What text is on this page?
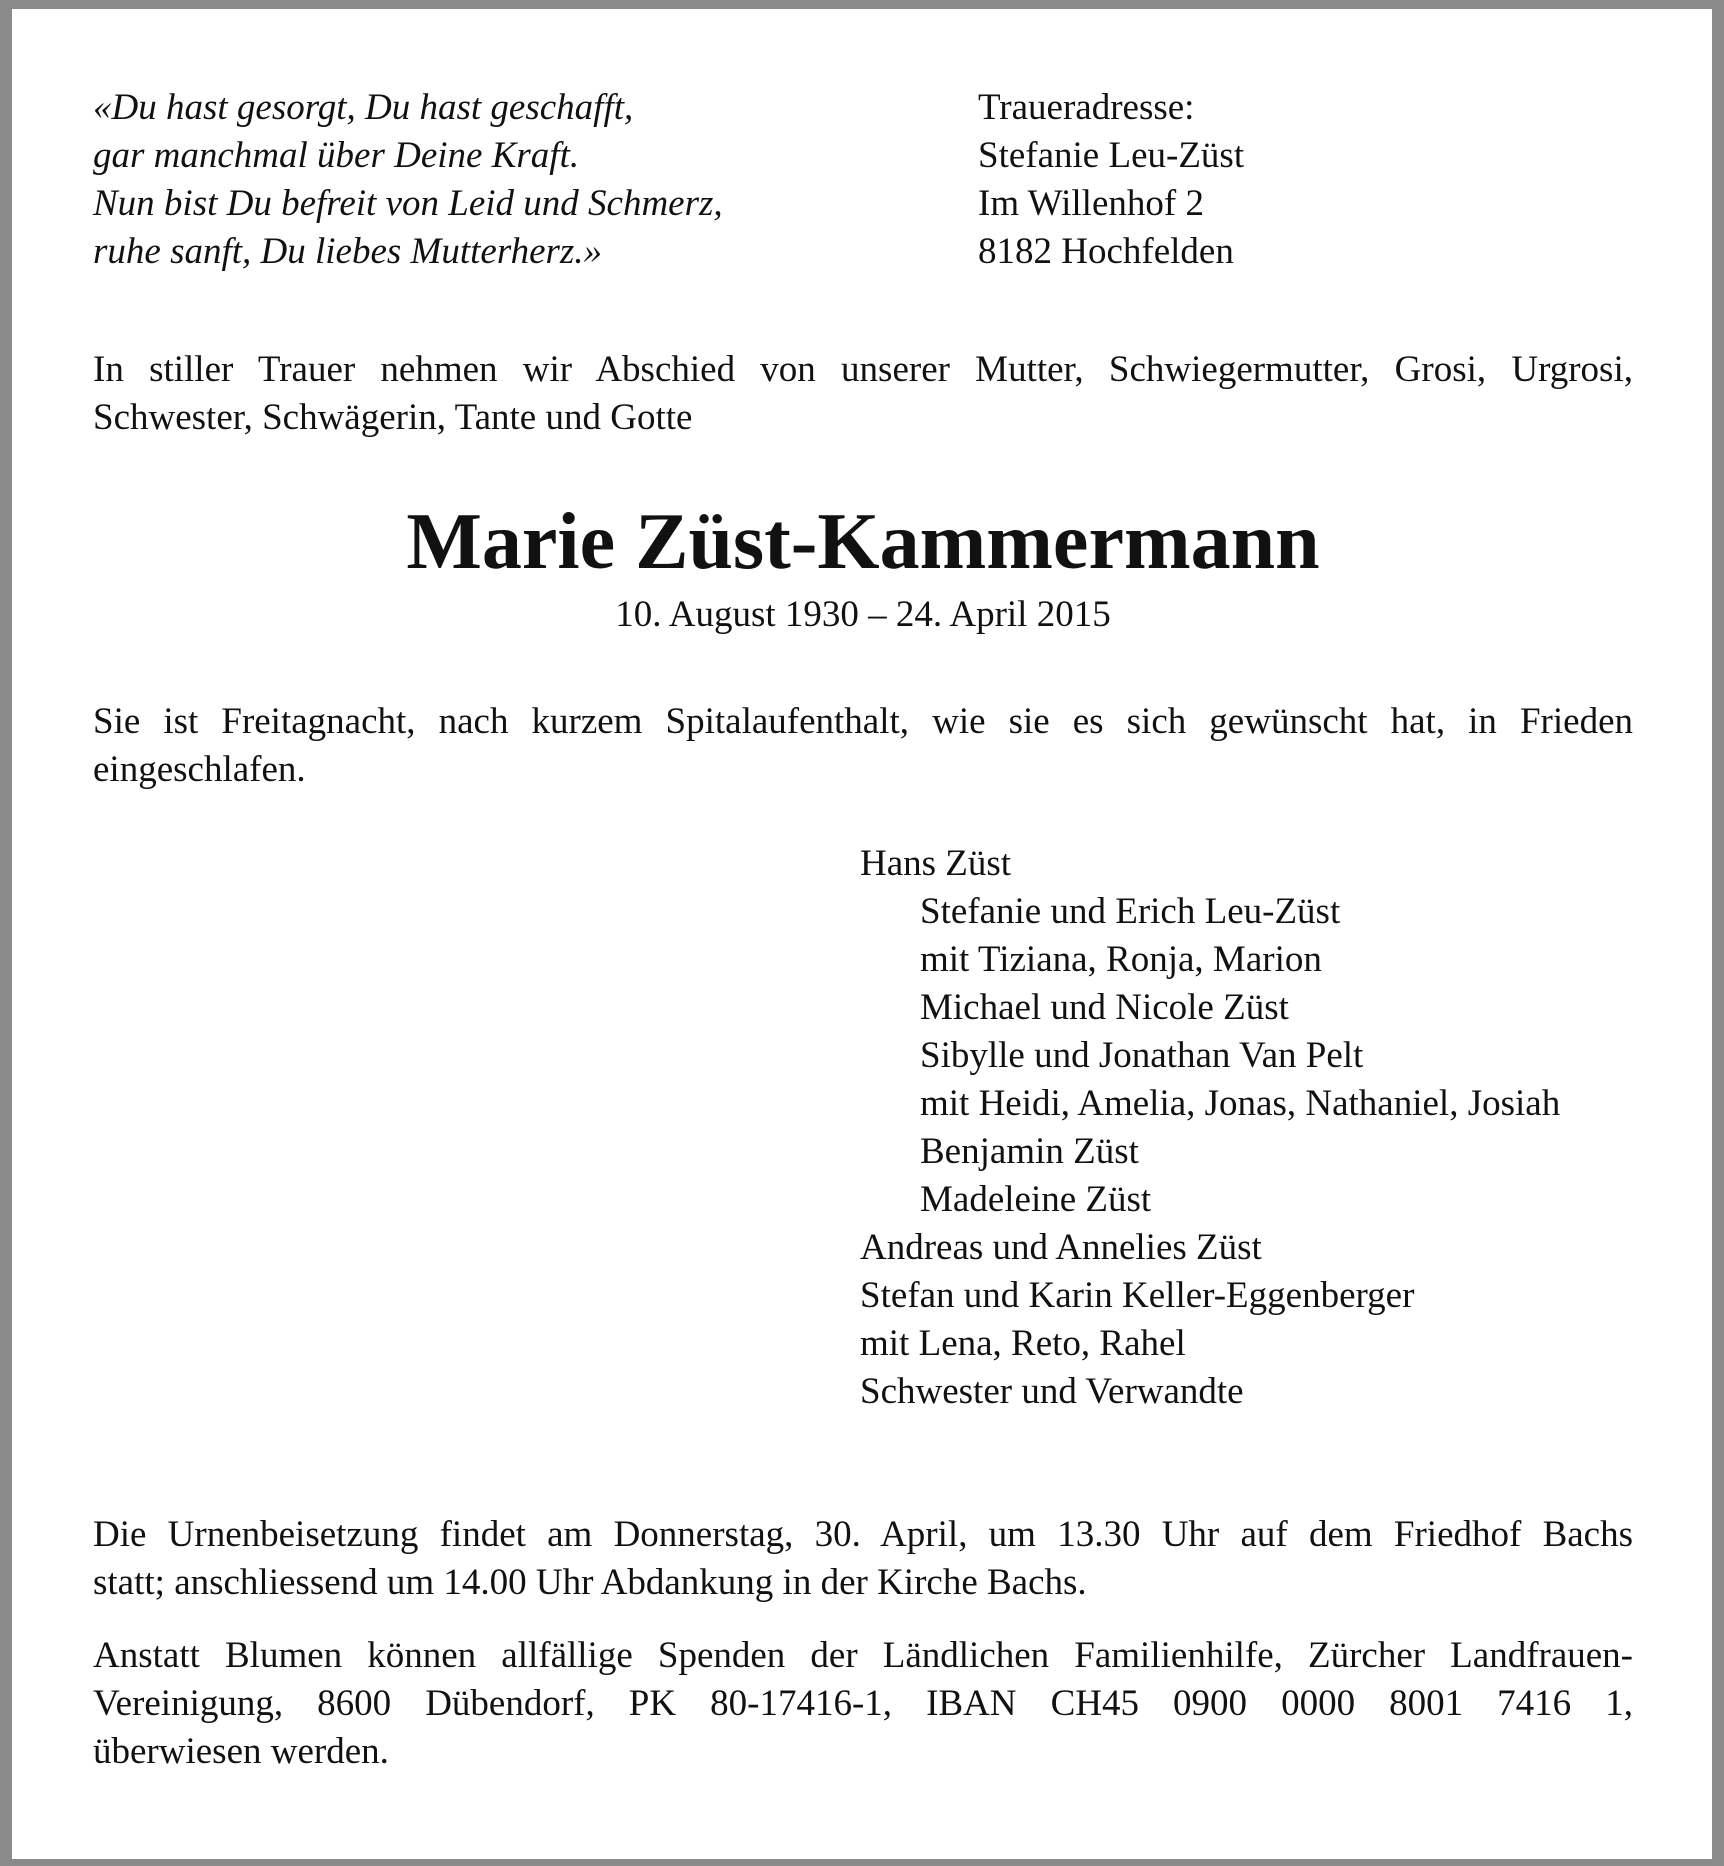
«Du hast gesorgt, Du hast geschafft,
gar manchmal über Deine Kraft.
Nun bist Du befreit von Leid und Schmerz,
ruhe sanft, Du liebes Mutterherz.»
Traueradresse:
Stefanie Leu-Züst
Im Willenhof 2
8182 Hochfelden
In stiller Trauer nehmen wir Abschied von unserer Mutter, Schwiegermutter, Grosi, Urgrosi,
Schwester, Schwägerin, Tante und Gotte
Marie Züst-Kammermann
10. August 1930 – 24. April 2015
Sie ist Freitagnacht, nach kurzem Spitalaufenthalt, wie sie es sich gewünscht hat, in Frieden
eingeschlafen.
Hans Züst
Stefanie und Erich Leu-Züst
mit Tiziana, Ronja, Marion
Michael und Nicole Züst
Sibylle und Jonathan Van Pelt
mit Heidi, Amelia, Jonas, Nathaniel, Josiah
Benjamin Züst
Madeleine Züst
Andreas und Annelies Züst
Stefan und Karin Keller-Eggenberger
mit Lena, Reto, Rahel
Schwester und Verwandte
Die Urnenbeisetzung findet am Donnerstag, 30. April, um 13.30 Uhr auf dem Friedhof Bachs
statt; anschliessend um 14.00 Uhr Abdankung in der Kirche Bachs.
Anstatt Blumen können allfällige Spenden der Ländlichen Familienhilfe, Zürcher Landfrauen-
Vereinigung, 8600 Dübendorf, PK 80-17416-1, IBAN CH45 0900 0000 8001 7416 1,
überwiesen werden.
